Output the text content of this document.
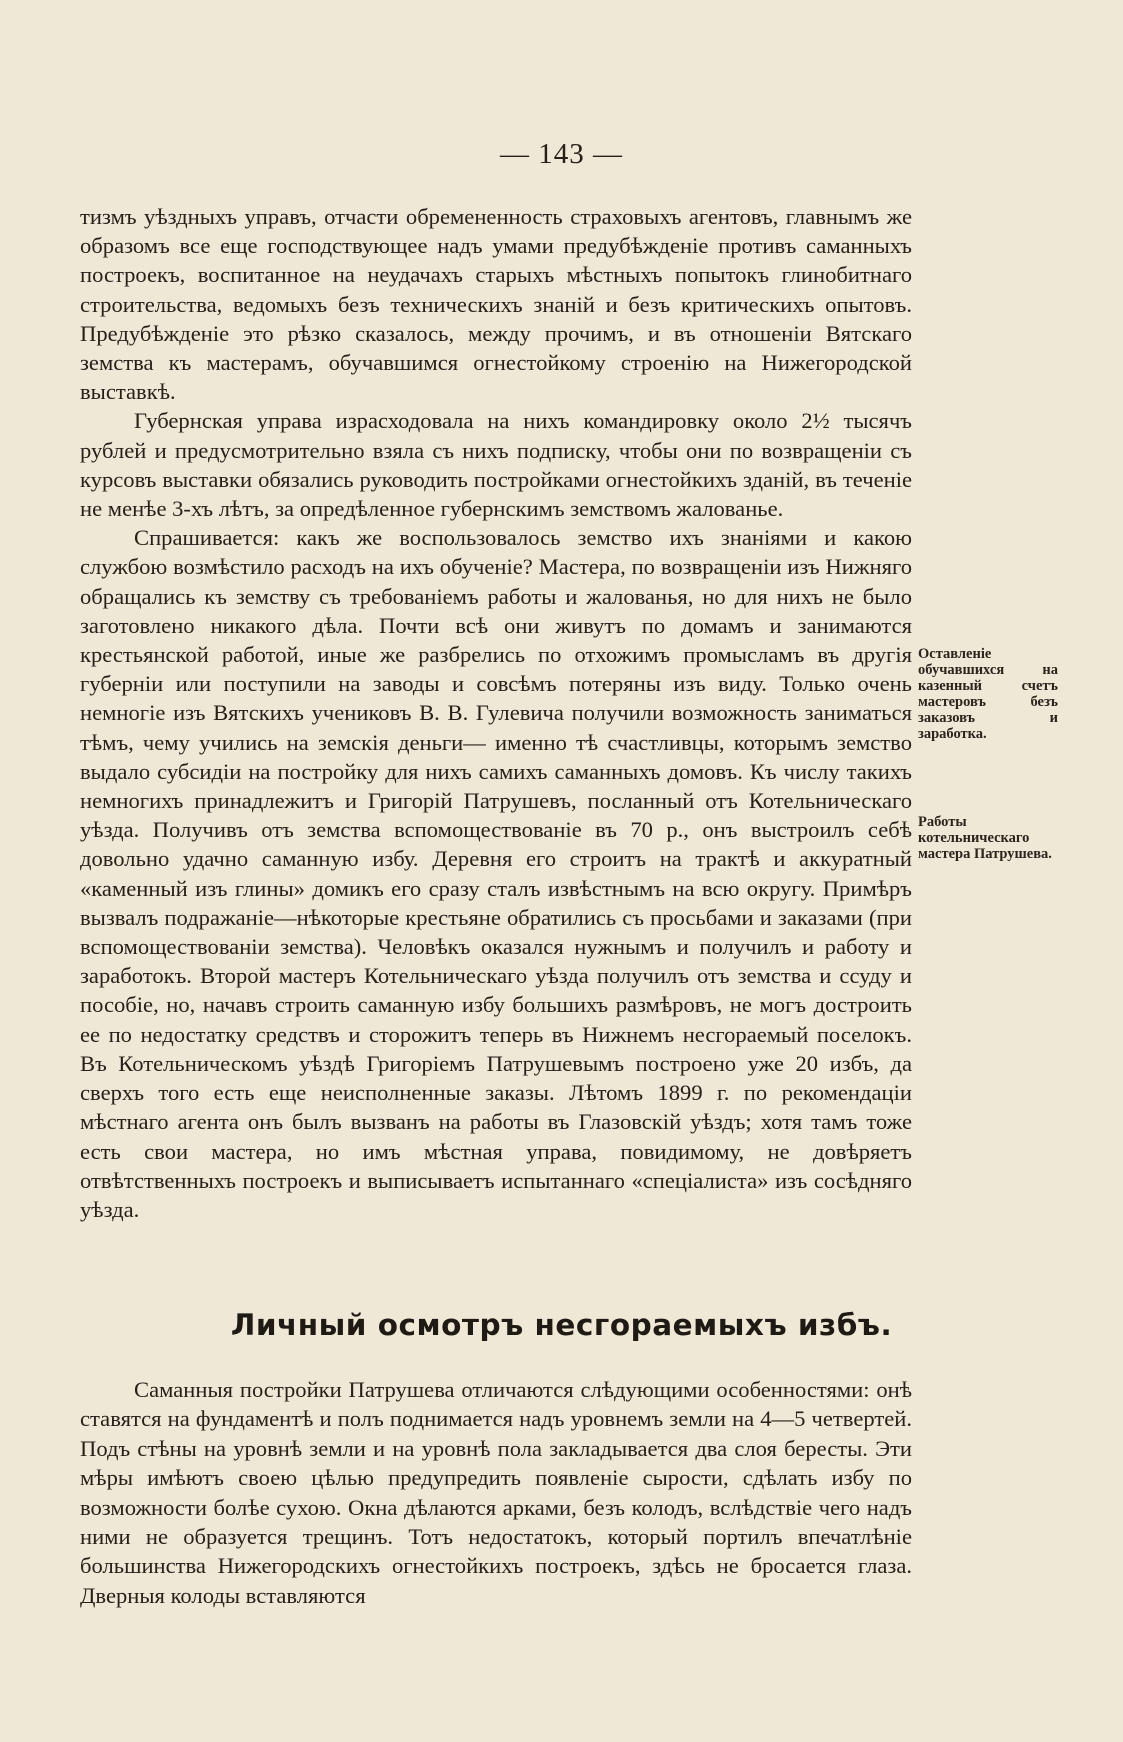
— 143 —

тизмъ уѣздныхъ управъ, отчасти обремененность страховыхъ агентовъ, главнымъ же образомъ все еще господствующее надъ умами предубѣжденіе противъ саманныхъ построекъ, воспитанное на неудачахъ старыхъ мѣстныхъ попытокъ глинобитнаго строительства, ведомыхъ безъ техническихъ знаній и безъ критическихъ опытовъ. Предубѣжденіе это рѣзко сказалось, между прочимъ, и въ отношеніи Вятскаго земства къ мастерамъ, обучавшимся огнестойкому строенію на Нижегородской выставкѣ.

Губернская управа израсходовала на нихъ командировку около 2½ тысячъ рублей и предусмотрительно взяла съ нихъ подписку, чтобы они по возвращеніи съ курсовъ выставки обязались руководить постройками огнестойкихъ зданій, въ теченіе не менѣе 3-хъ лѣтъ, за опредѣленное губернскимъ земствомъ жалованье.

Спрашивается: какъ же воспользовалось земство ихъ знаніями и какою службою возмѣстило расходъ на ихъ обученіе? Мастера, по возвращеніи изъ Нижняго обращались къ земству съ требованіемъ работы и жалованья, но для нихъ не было заготовлено никакого дѣла. Почти всѣ они живутъ по домамъ и занимаются крестьянской работой, иные же разбрелись по отхожимъ промысламъ въ другія губерніи или поступили на заводы и совсѣмъ потеряны изъ виду. Только очень немногіе изъ Вятскихъ учениковъ В. В. Гулевича получили возможность заниматься тѣмъ, чему учились на земскія деньги— именно тѣ счастливцы, которымъ земство выдало субсидіи на постройку для нихъ самихъ саманныхъ домовъ. Къ числу такихъ немногихъ принадлежитъ и Григорій Патрушевъ, посланный отъ Котельническаго уѣзда. Получивъ отъ земства вспомоществованіе въ 70 р., онъ выстроилъ себѣ довольно удачно саманную избу. Деревня его строитъ на трактѣ и аккуратный «каменный изъ глины» домикъ его сразу сталъ извѣстнымъ на всю округу. Примѣръ вызвалъ подражаніе—нѣкоторые крестьяне обратились съ просьбами и заказами (при вспомоществованіи земства). Человѣкъ оказался нужнымъ и получилъ и работу и заработокъ. Второй мастеръ Котельническаго уѣзда получилъ отъ земства и ссуду и пособіе, но, начавъ строить саманную избу большихъ размѣровъ, не могъ достроить ее по недостатку средствъ и сторожитъ теперь въ Нижнемъ несгораемый поселокъ. Въ Котельническомъ уѣздѣ Григоріемъ Патрушевымъ построено уже 20 избъ, да сверхъ того есть еще неисполненные заказы. Лѣтомъ 1899 г. по рекомендаціи мѣстнаго агента онъ былъ вызванъ на работы въ Глазовскій уѣздъ; хотя тамъ тоже есть свои мастера, но имъ мѣстная управа, повидимому, не довѣряетъ отвѣтственныхъ построекъ и выписываетъ испытаннаго «спеціалиста» изъ сосѣдняго уѣзда.

Оставленіе обучавшихся на казенный счетъ мастеровъ безъ заказовъ и заработка.
Работы котельническаго мастера Патрушева.
Личный осмотръ несгораемыхъ избъ.

Саманныя постройки Патрушева отличаются слѣдующими особенностями: онѣ ставятся на фундаментѣ и полъ поднимается надъ уровнемъ земли на 4—5 четвертей. Подъ стѣны на уровнѣ земли и на уровнѣ пола закладывается два слоя бересты. Эти мѣры имѣютъ своею цѣлью предупредить появленіе сырости, сдѣлать избу по возможности болѣе сухою. Окна дѣлаются арками, безъ колодъ, вслѣдствіе чего надъ ними не образуется трещинъ. Тотъ недостатокъ, который портилъ впечатлѣніе большинства Нижегородскихъ огнестойкихъ построекъ, здѣсь не бросается глаза. Дверныя колоды вставляются
